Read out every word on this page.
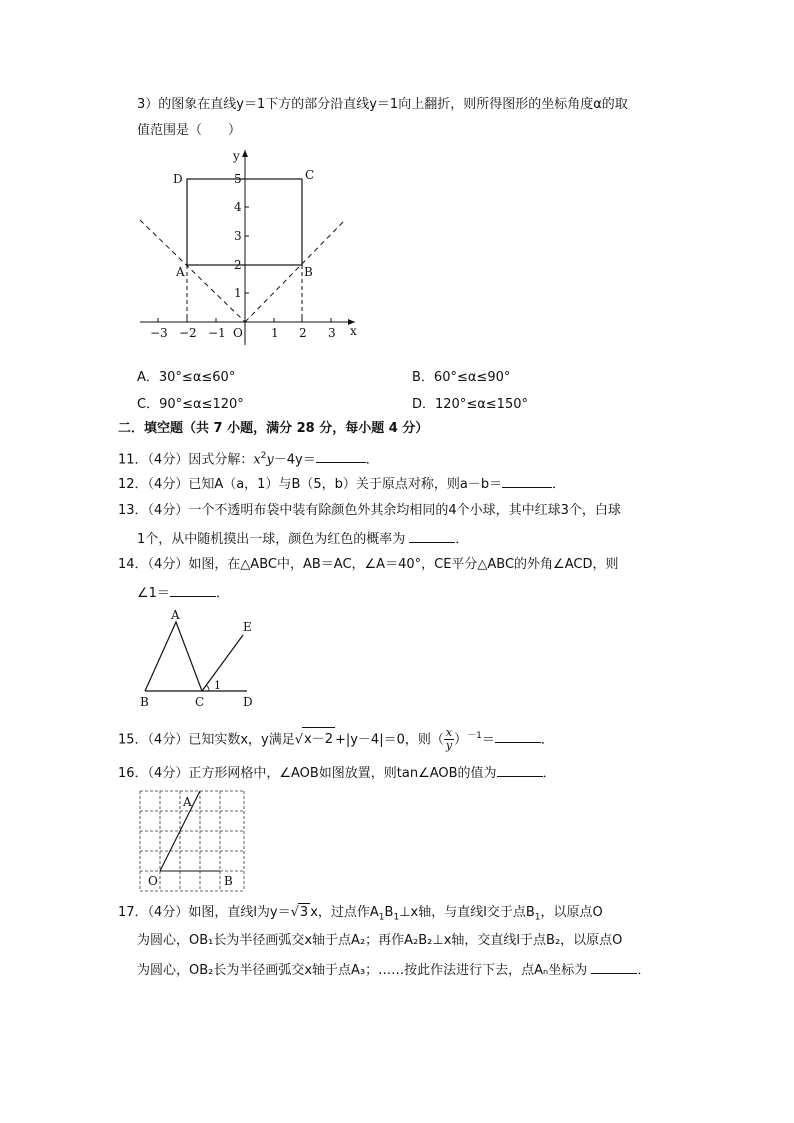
3）的图象在直线y＝1下方的部分沿直线y＝1向上翻折，则所得图形的坐标角度α的取
值范围是（　　）
x
y
−3 −2 −1 O 1 2 3
1
2
3
4
5
D	C
A	B
A．30°≤α≤60°	B．60°≤α≤90°
C．90°≤α≤120°	D．120°≤α≤150°
二．填空题（共 7 小题，满分 28 分，每小题 4 分）
11．（4分）因式分解：$x^2y-4y=$	．
12．（4分）已知A（a，1）与B（5，b）关于原点对称，则a－b＝	．
13．（4分）一个不透明布袋中装有除颜色外其余均相同的4个小球，其中红球3个，白球
1个，从中随机摸出一球，颜色为红色的概率为	．
14．（4分）如图，在△ABC中，AB＝AC，∠A＝40°，CE平分△ABC的外角∠ACD，则
∠1＝	．
A
B	C	D
E
1
15．（4分）已知实数x，y满足√x－2 +|y－4|＝0，则（ $\frac{x}{y} )^{-1}=$	．
16．（4分）正方形网格中，∠AOB如图放置，则tan∠AOB的值为	．
A
O	B
17．（4分）如图，直线l为y＝√3 x，过点作$A_1B_1\perp x$轴，与直线l交于点$B_1$，以原点O
为圆心，OB₁长为半径画弧交x轴于点A₂；再作A₂B₂⊥x轴，交直线l于点B₂，以原点O
为圆心，OB₂长为半径画弧交x轴于点A₃；……按此作法进行下去，点Aₙ坐标为	．
